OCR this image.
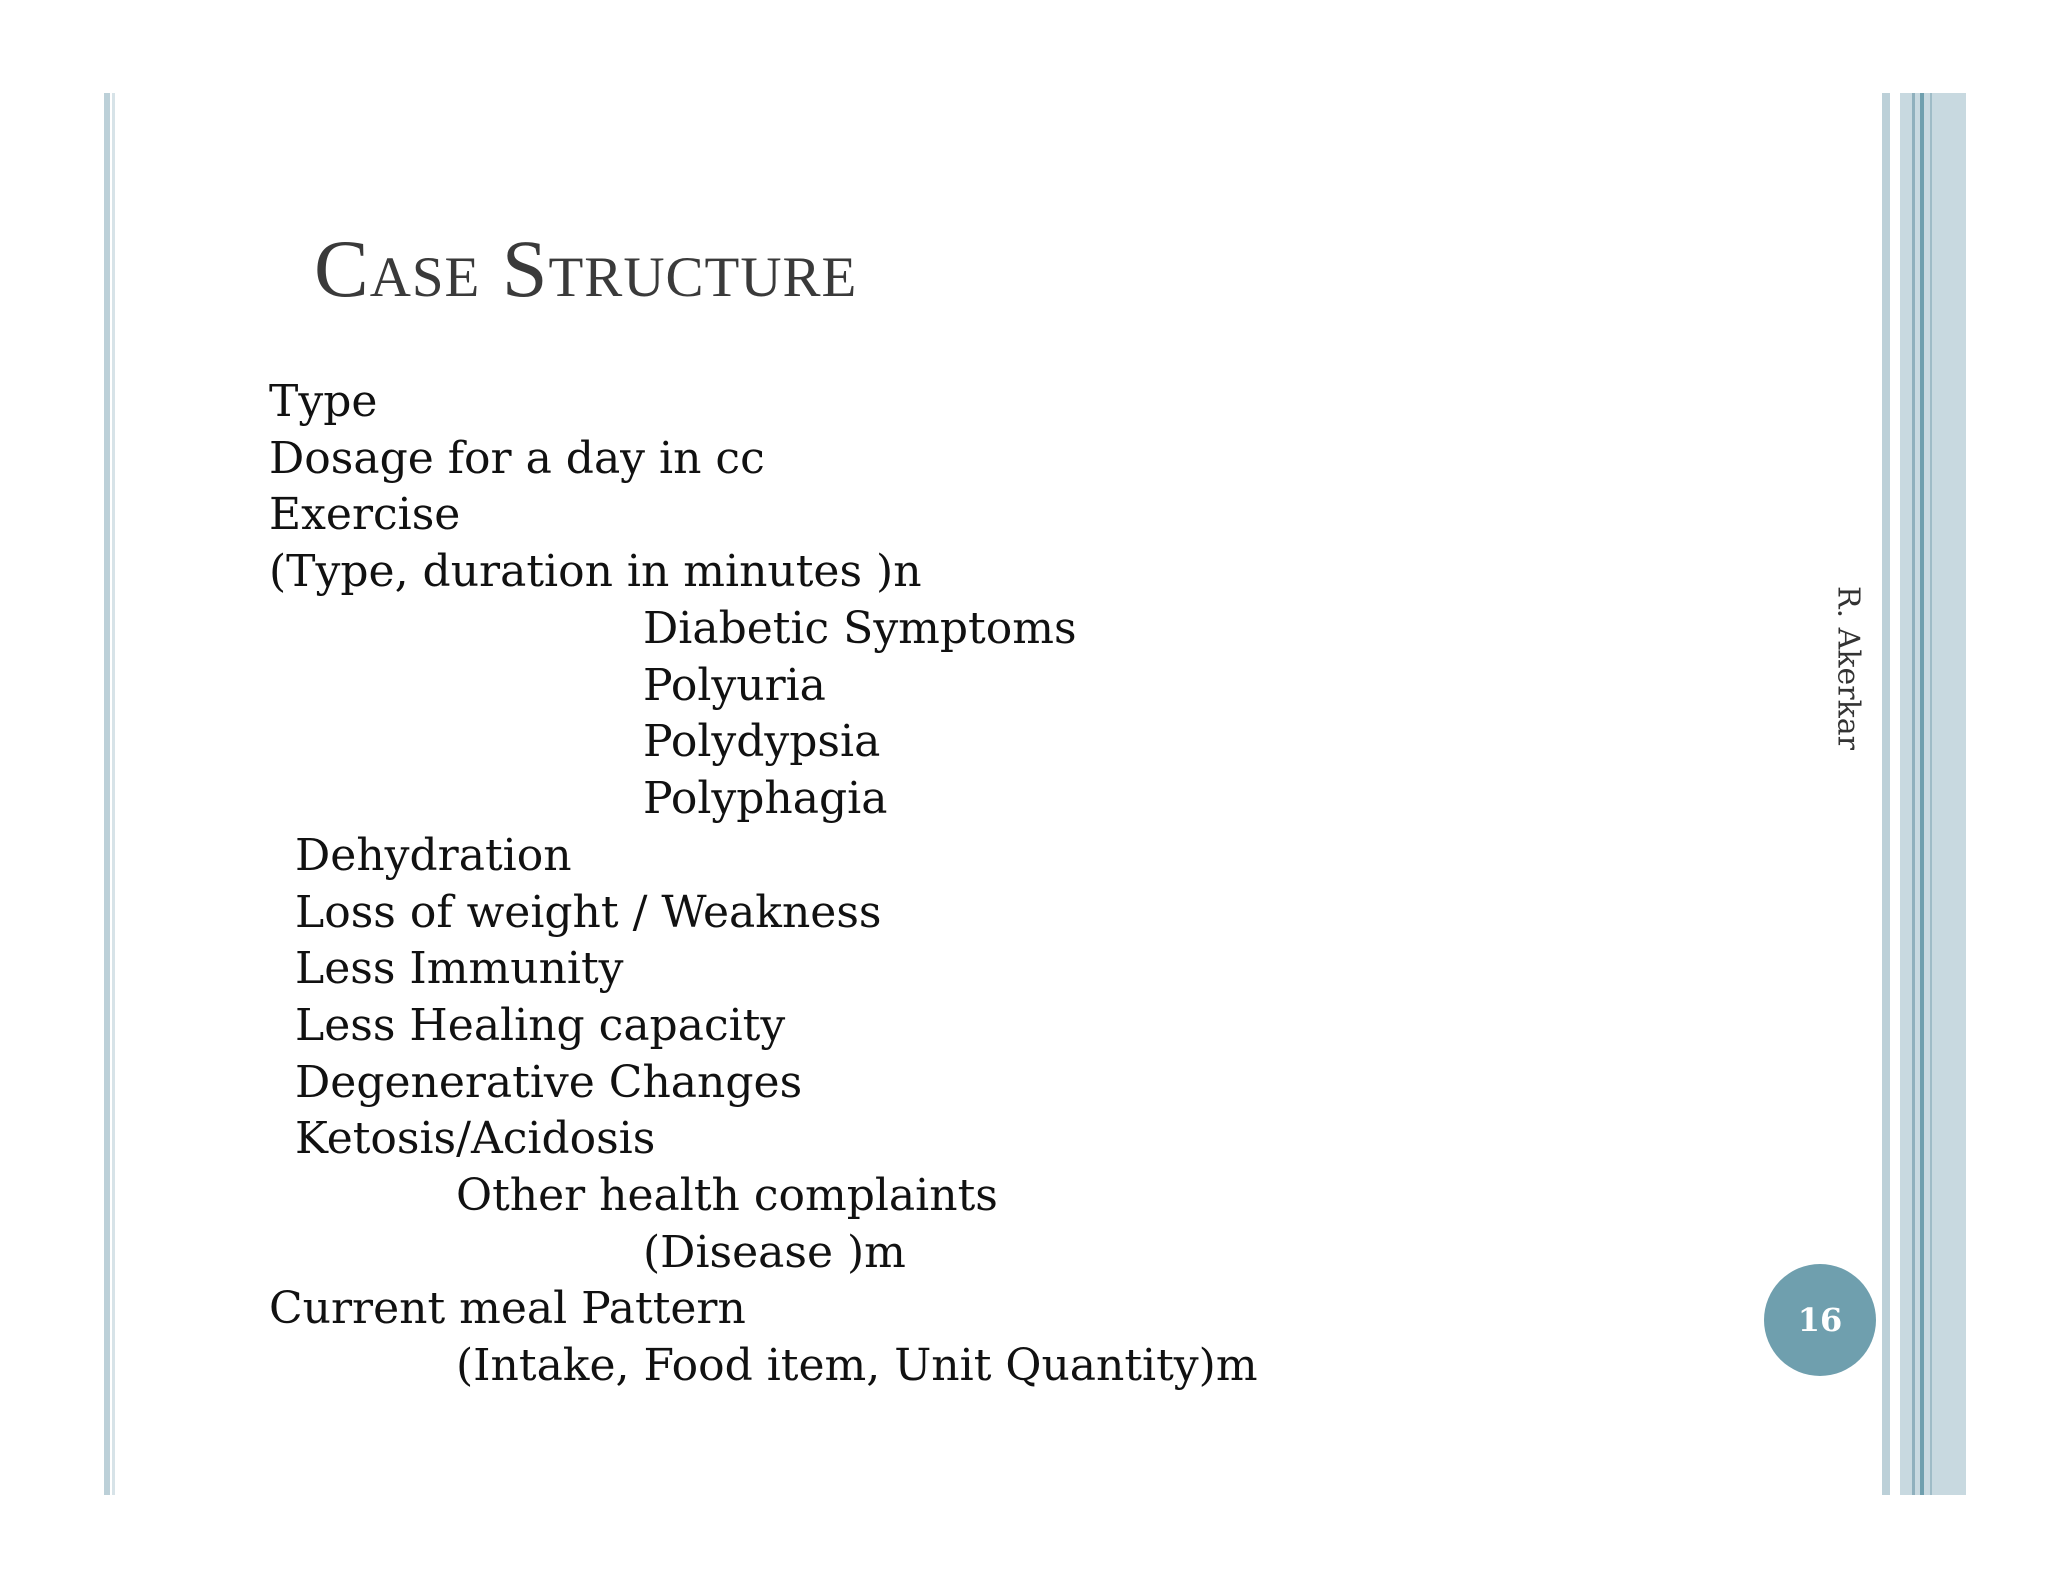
Case Structure
Type
Dosage for a day in cc
Exercise
(Type, duration in minutes )n
Diabetic Symptoms
Polyuria
Polydypsia
Polyphagia
Dehydration
Loss of weight / Weakness
Less Immunity
Less Healing capacity
Degenerative Changes
Ketosis/Acidosis
Other health complaints
(Disease )m
Current meal Pattern
(Intake, Food item, Unit Quantity)m
R. Akerkar
16
